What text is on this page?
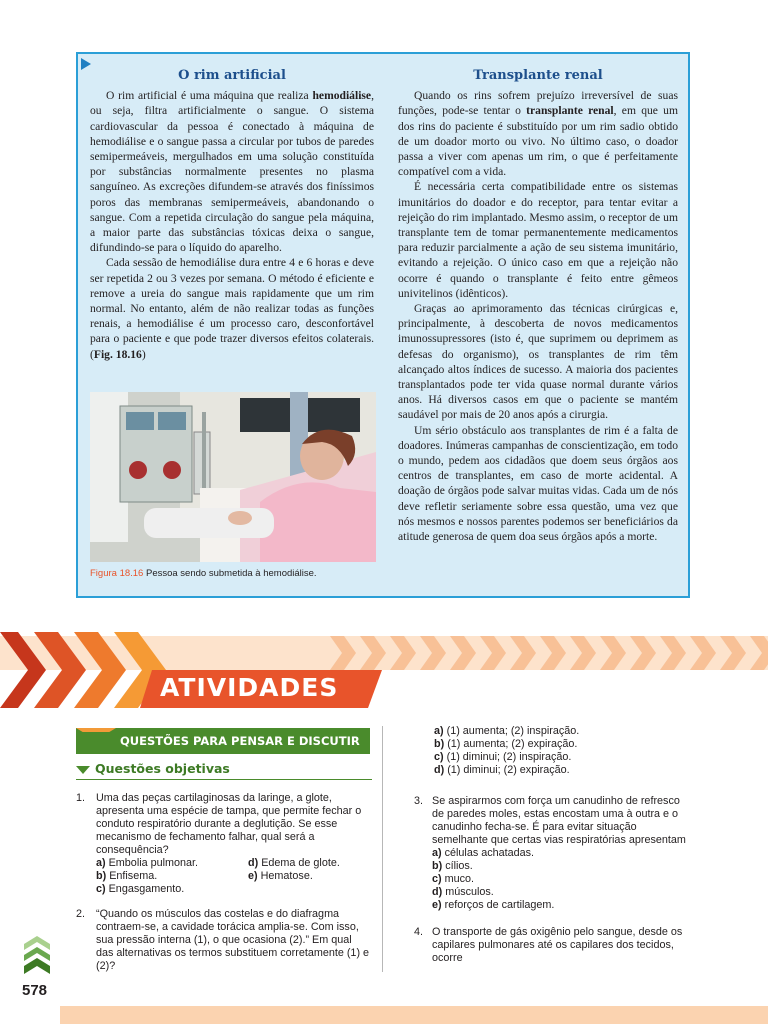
O rim artificial

O rim artificial é uma máquina que realiza hemodiálise, ou seja, filtra artificialmente o sangue. O sistema cardiovascular da pessoa é conectado à máquina de hemodiálise e o sangue passa a circular por tubos de paredes semipermeáveis, mergulhados em uma solução constituída por substâncias normalmente presentes no plasma sanguíneo. As excreções difundem-se através dos finíssimos poros das membranas semipermeáveis, abandonando o sangue. Com a repetida circulação do sangue pela máquina, a maior parte das substâncias tóxicas deixa o sangue, difundindo-se para o líquido do aparelho.

Cada sessão de hemodiálise dura entre 4 e 6 horas e deve ser repetida 2 ou 3 vezes por semana. O método é eficiente e remove a ureia do sangue mais rapidamente que um rim normal. No entanto, além de não realizar todas as funções renais, a hemodiálise é um processo caro, desconfortável para o paciente e que pode trazer diversos efeitos colaterais. (Fig. 18.16)

Figura 18.16 Pessoa sendo submetida à hemodiálise.
Transplante renal

Quando os rins sofrem prejuízo irreversível de suas funções, pode-se tentar o transplante renal, em que um dos rins do paciente é substituído por um rim sadio obtido de um doador morto ou vivo. No último caso, o doador passa a viver com apenas um rim, o que é perfeitamente compatível com a vida.

É necessária certa compatibilidade entre os sistemas imunitários do doador e do receptor, para tentar evitar a rejeição do rim implantado. Mesmo assim, o receptor de um transplante tem de tomar permanentemente medicamentos para reduzir parcialmente a ação de seu sistema imunitário, evitando a rejeição. O único caso em que a rejeição não ocorre é quando o transplante é feito entre gêmeos univitelinos (idênticos).

Graças ao aprimoramento das técnicas cirúrgicas e, principalmente, à descoberta de novos medicamentos imunossupressores (isto é, que suprimem ou deprimem as defesas do organismo), os transplantes de rim têm alcançado altos índices de sucesso. A maioria dos pacientes transplantados pode ter vida quase normal durante vários anos. Há diversos casos em que o paciente se mantém saudável por mais de 20 anos após a cirurgia.

Um sério obstáculo aos transplantes de rim é a falta de doadores. Inúmeras campanhas de conscientização, em todo o mundo, pedem aos cidadãos que doem seus órgãos aos centros de transplantes, em caso de morte acidental. A doação de órgãos pode salvar muitas vidas. Cada um de nós deve refletir seriamente sobre essa questão, uma vez que nós mesmos e nossos parentes podemos ser beneficiários da atitude generosa de quem doa seus órgãos após a morte.

ATIVIDADES
QUESTÕES PARA PENSAR E DISCUTIR
Questões objetivas
1. Uma das peças cartilaginosas da laringe, a glote, apresenta uma espécie de tampa, que permite fechar o conduto respiratório durante a deglutição. Se esse mecanismo de fechamento falhar, qual será a consequência?
a) Embolia pulmonar.	d) Edema de glote.
b) Enfisema.	e) Hematose.
c) Engasgamento.
2. “Quando os músculos das costelas e do diafragma contraem-se, a cavidade torácica amplia-se. Com isso, sua pressão interna (1), o que ocasiona (2).” Em qual das alternativas os termos substituem corretamente (1) e (2)?
a) (1) aumenta; (2) inspiração.
b) (1) aumenta; (2) expiração.
c) (1) diminui; (2) inspiração.
d) (1) diminui; (2) expiração.
3. Se aspirarmos com força um canudinho de refresco de paredes moles, estas encostam uma à outra e o canudinho fecha-se. É para evitar situação semelhante que certas vias respiratórias apresentam
a) células achatadas.
b) cílios.
c) muco.
d) músculos.
e) reforços de cartilagem.
4. O transporte de gás oxigênio pelo sangue, desde os capilares pulmonares até os capilares dos tecidos, ocorre
578
